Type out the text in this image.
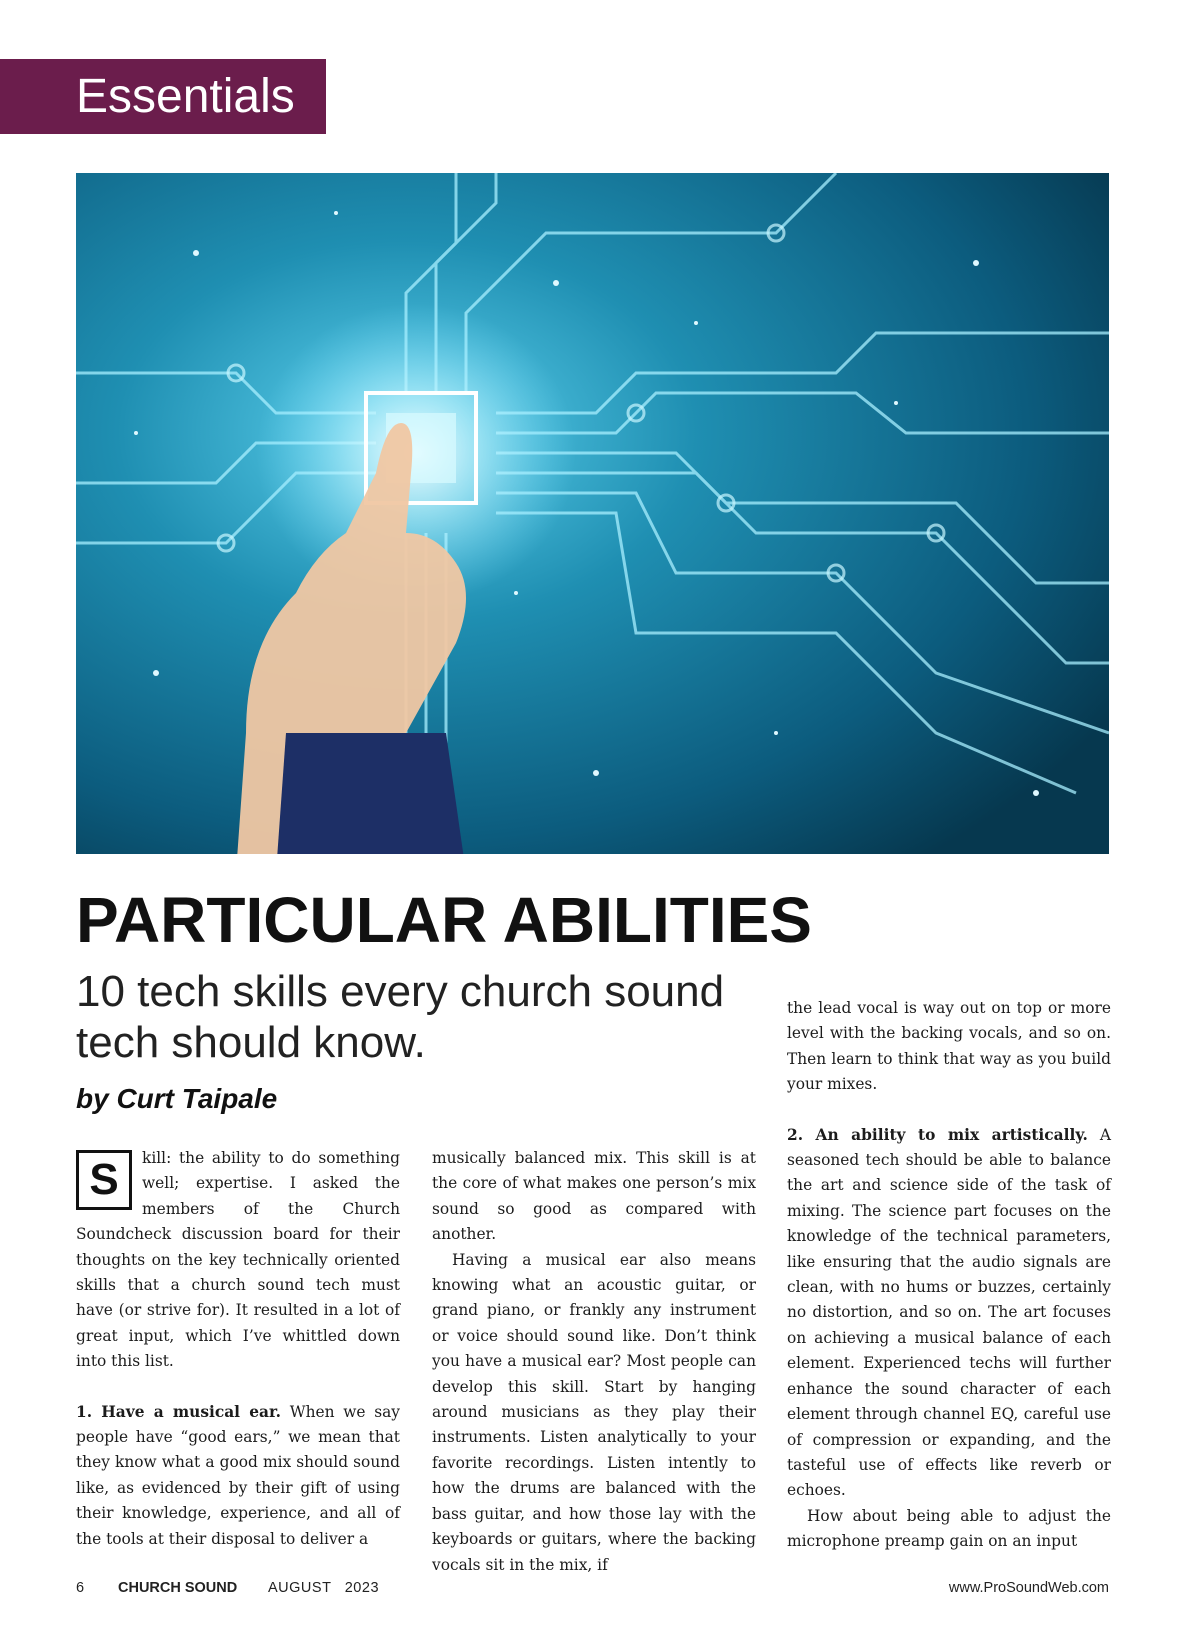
Essentials
PARTICULAR ABILITIES
10 tech skills every church sound tech should know.
by Curt Taipale

S	kill: the ability to do something well; expertise. I asked the members of the Church Soundcheck discussion board for their thoughts on the key technically oriented skills that a church sound tech must have (or strive for). It resulted in a lot of great input, which I’ve whittled down into this list.

1. Have a musical ear. When we say people have “good ears,” we mean that they know what a good mix should sound like, as evidenced by their gift of using their knowledge, experience, and all of the tools at their disposal to deliver a

musically balanced mix. This skill is at the core of what makes one person’s mix sound so good as compared with another.

Having a musical ear also means knowing what an acoustic guitar, or grand piano, or frankly any instrument or voice should sound like. Don’t think you have a musical ear? Most people can develop this skill. Start by hanging around musicians as they play their instruments. Listen analytically to your favorite recordings. Listen intently to how the drums are balanced with the bass guitar, and how those lay with the keyboards or guitars, where the backing vocals sit in the mix, if

the lead vocal is way out on top or more level with the backing vocals, and so on. Then learn to think that way as you build your mixes.

2. An ability to mix artistically. A seasoned tech should be able to balance the art and science side of the task of mixing. The science part focuses on the knowledge of the technical parameters, like ensuring that the audio signals are clean, with no hums or buzzes, certainly no distortion, and so on. The art focuses on achieving a musical balance of each element. Experienced techs will further enhance the sound character of each element through channel EQ, careful use of compression or expanding, and the tasteful use of effects like reverb or echoes.

How about being able to adjust the microphone preamp gain on an input

6 CHURCH SOUND AUGUST   2023	www.ProSoundWeb.com
